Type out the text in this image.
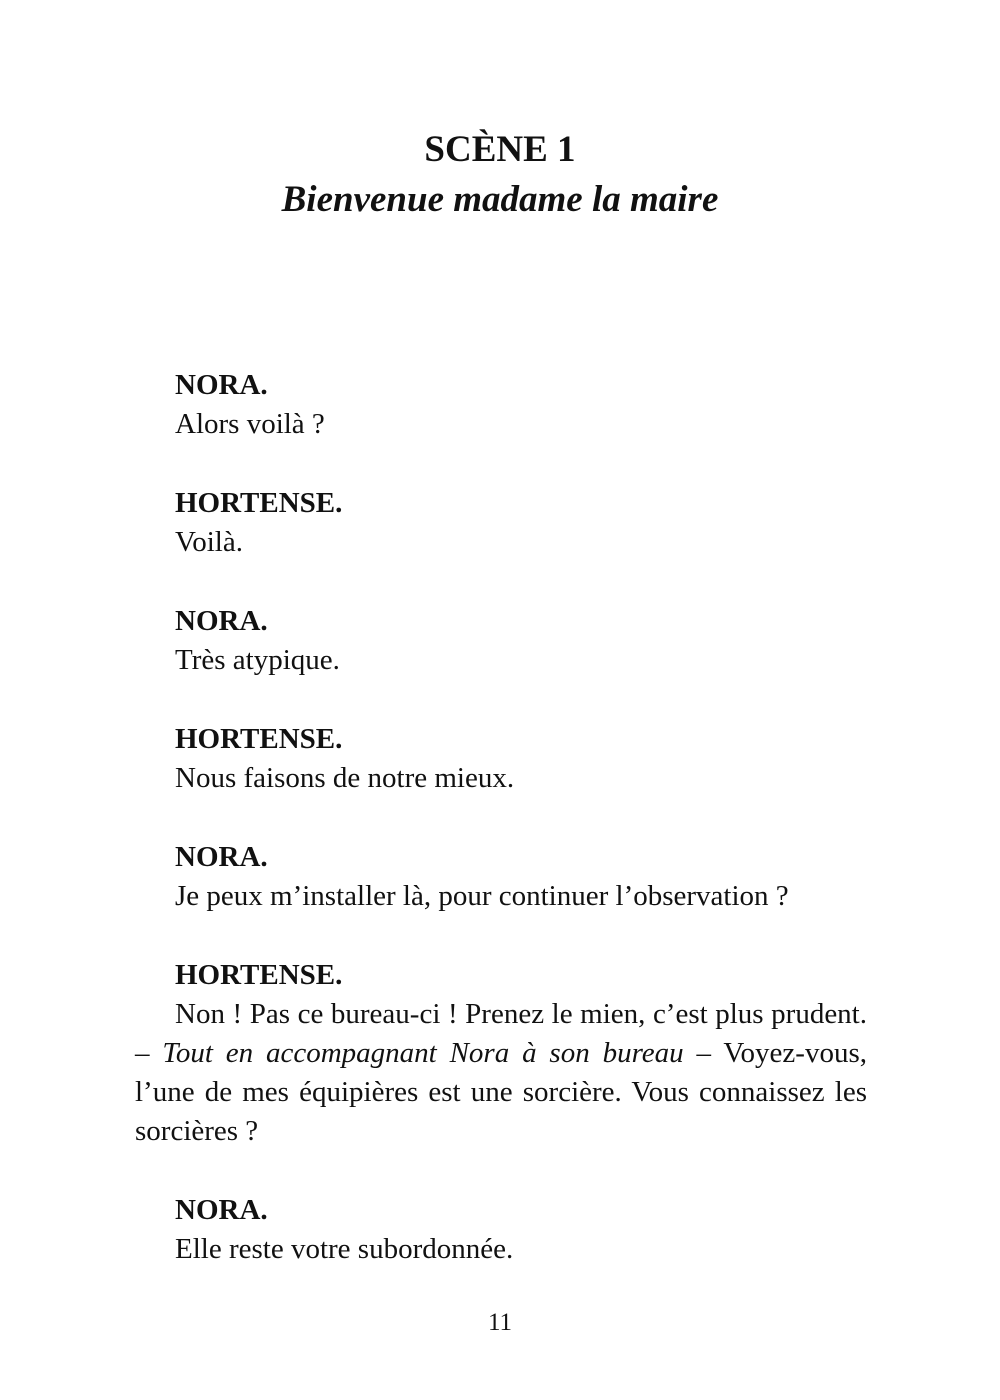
SCÈNE 1
Bienvenue madame la maire

NORA.

Alors voilà ?

HORTENSE.

Voilà.

NORA.

Très atypique.

HORTENSE.

Nous faisons de notre mieux.

NORA.

Je peux m’installer là, pour continuer l’observation ?

HORTENSE.

Non ! Pas ce bureau-ci ! Prenez le mien, c’est plus prudent. – Tout en accompagnant Nora à son bureau – Voyez-vous, l’une de mes équipières est une sorcière. Vous connaissez les sorcières ?

NORA.

Elle reste votre subordonnée.

11
